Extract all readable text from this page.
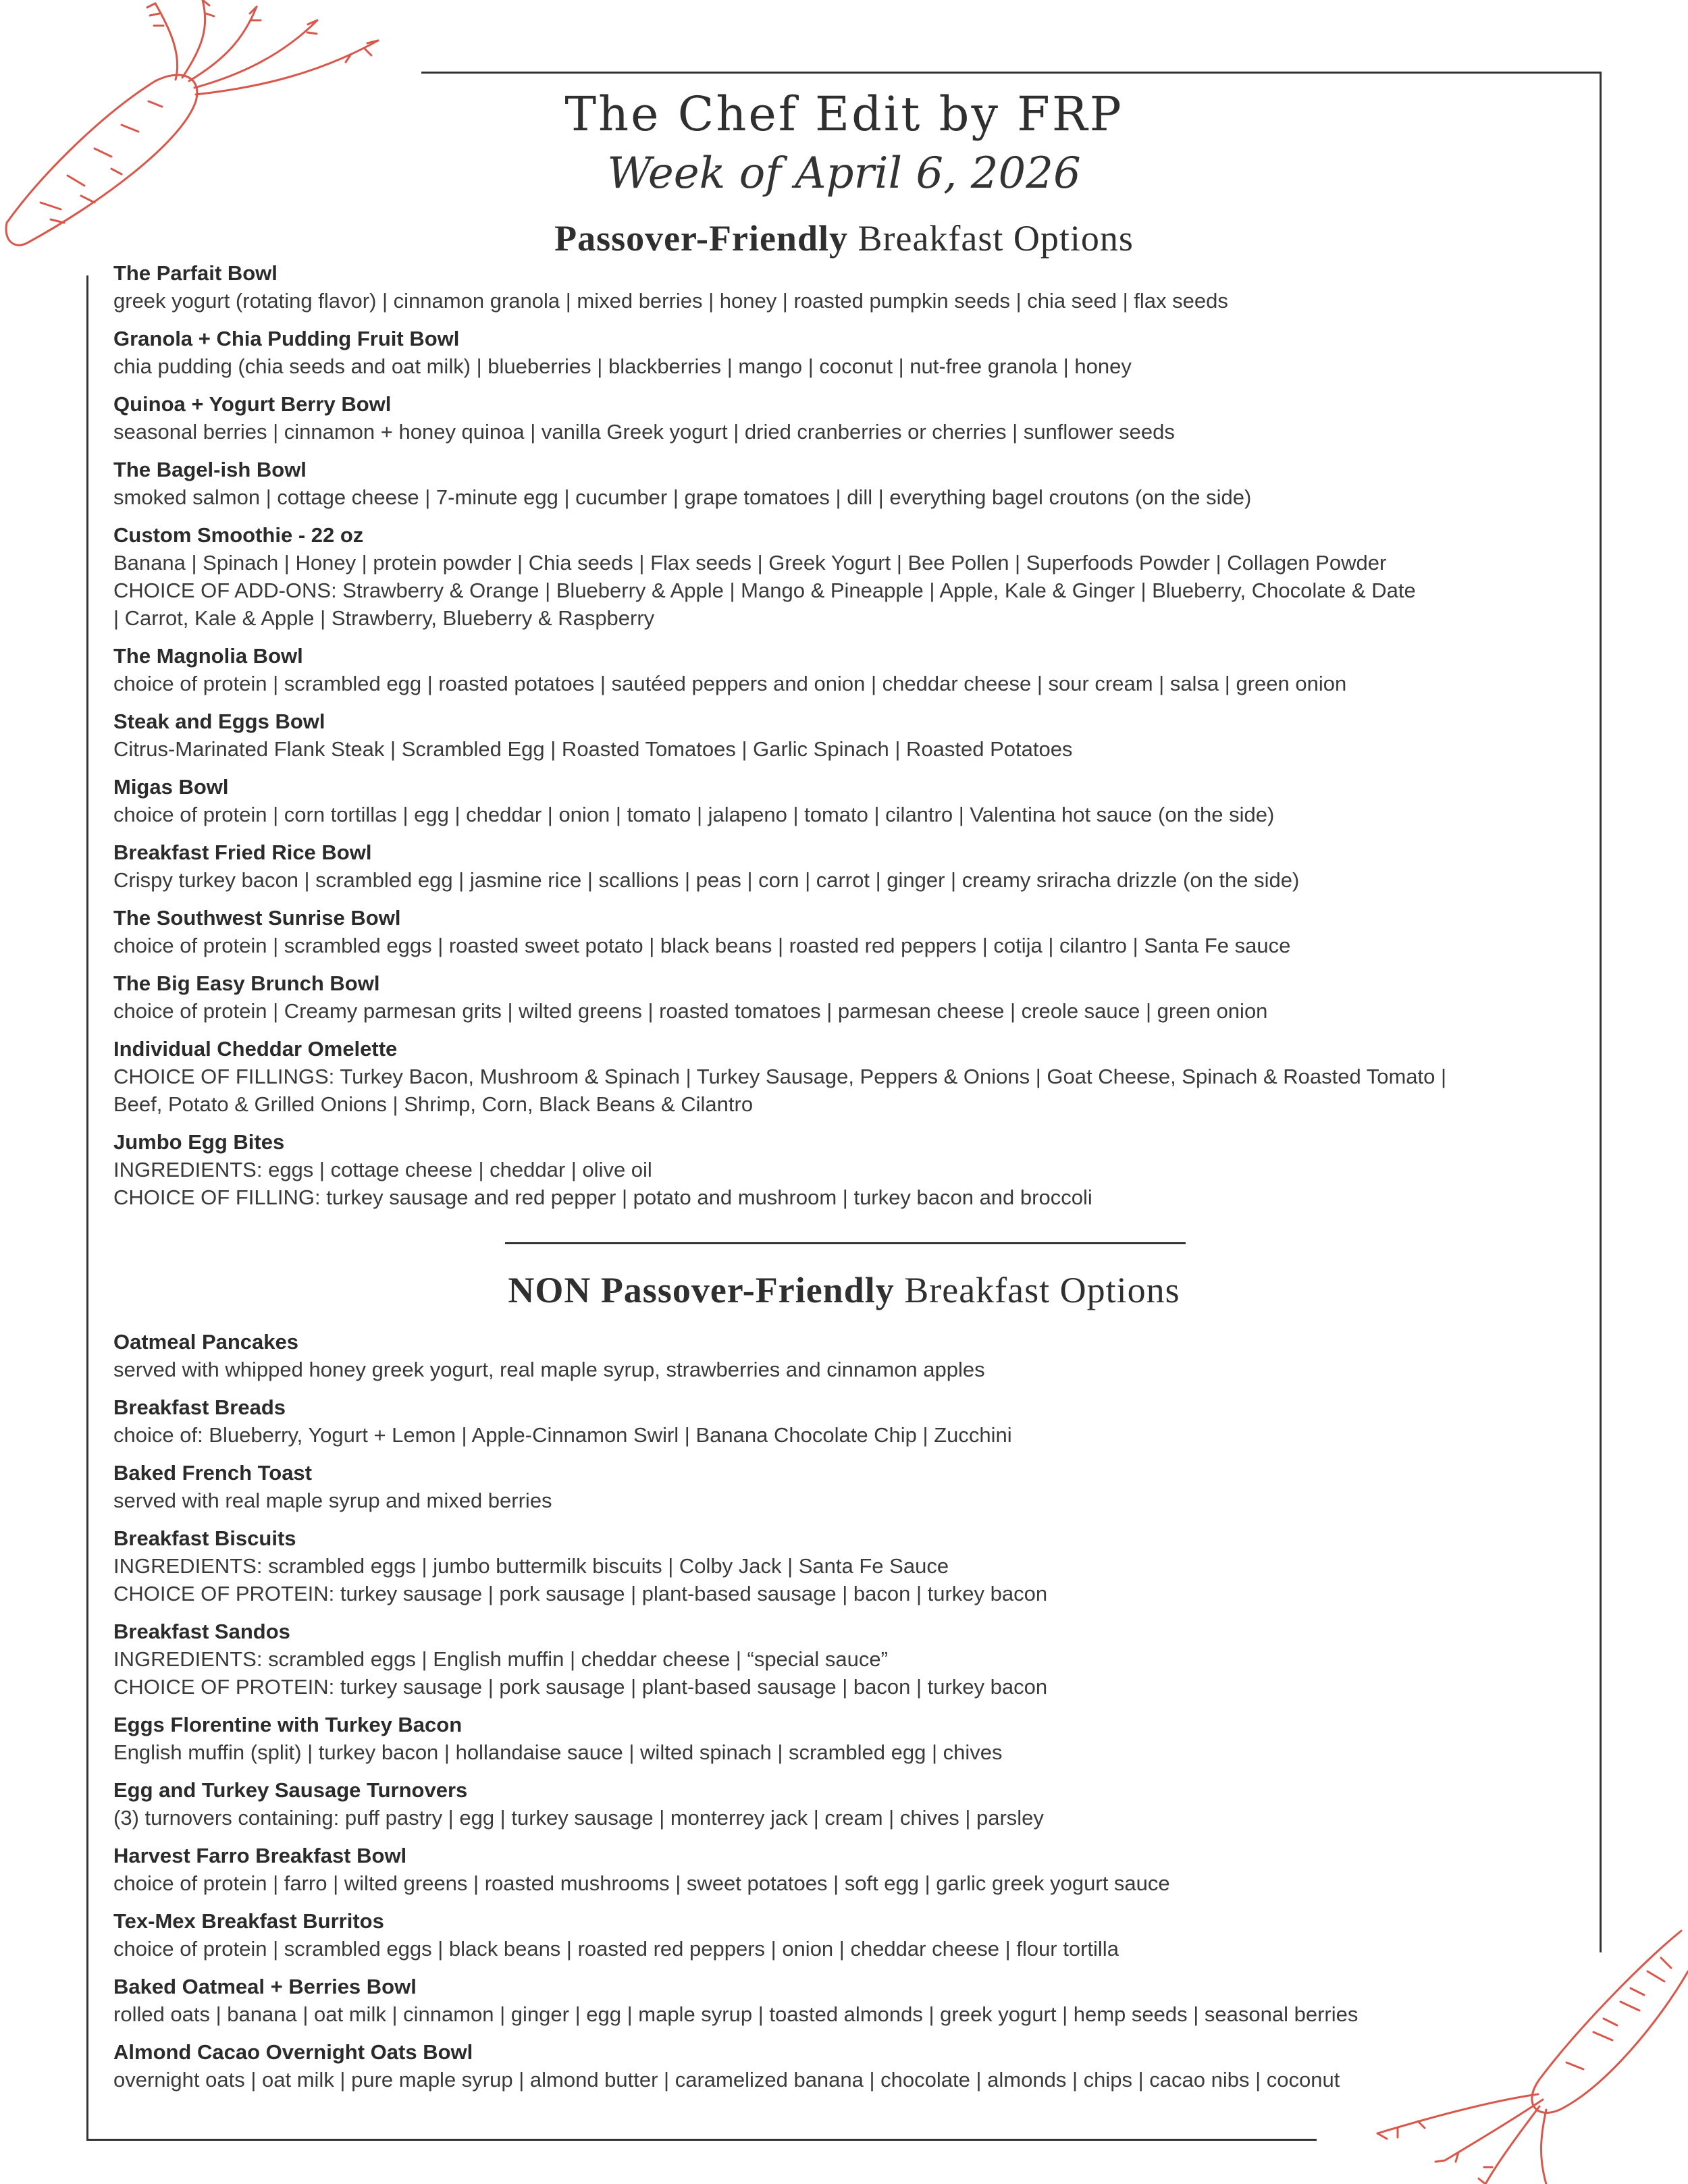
The Chef Edit by FRP
Week of April 6, 2026
Passover-Friendly Breakfast Options
The Parfait Bowl
greek yogurt (rotating flavor) | cinnamon granola | mixed berries | honey | roasted pumpkin seeds | chia seed | flax seeds
Granola + Chia Pudding Fruit Bowl
chia pudding (chia seeds and oat milk) | blueberries | blackberries | mango | coconut | nut-free granola | honey
Quinoa + Yogurt Berry Bowl
seasonal berries | cinnamon + honey quinoa | vanilla Greek yogurt | dried cranberries or cherries | sunflower seeds
The Bagel-ish Bowl
smoked salmon | cottage cheese | 7-minute egg | cucumber | grape tomatoes | dill | everything bagel croutons (on the side)
Custom Smoothie - 22 oz
Banana | Spinach | Honey | protein powder | Chia seeds | Flax seeds | Greek Yogurt | Bee Pollen | Superfoods Powder | Collagen Powder
CHOICE OF ADD-ONS: Strawberry & Orange | Blueberry & Apple | Mango & Pineapple | Apple, Kale & Ginger | Blueberry, Chocolate & Date
| Carrot, Kale & Apple | Strawberry, Blueberry & Raspberry
The Magnolia Bowl
choice of protein | scrambled egg | roasted potatoes | sautéed peppers and onion | cheddar cheese | sour cream | salsa | green onion
Steak and Eggs Bowl
Citrus-Marinated Flank Steak | Scrambled Egg | Roasted Tomatoes | Garlic Spinach | Roasted Potatoes
Migas Bowl
choice of protein | corn tortillas | egg | cheddar | onion | tomato | jalapeno | tomato | cilantro | Valentina hot sauce (on the side)
Breakfast Fried Rice Bowl
Crispy turkey bacon | scrambled egg | jasmine rice | scallions | peas | corn | carrot | ginger | creamy sriracha drizzle (on the side)
The Southwest Sunrise Bowl
choice of protein | scrambled eggs | roasted sweet potato | black beans | roasted red peppers | cotija | cilantro | Santa Fe sauce
The Big Easy Brunch Bowl
choice of protein | Creamy parmesan grits | wilted greens | roasted tomatoes | parmesan cheese | creole sauce | green onion
Individual Cheddar Omelette
CHOICE OF FILLINGS: Turkey Bacon, Mushroom & Spinach | Turkey Sausage, Peppers & Onions | Goat Cheese, Spinach & Roasted Tomato |
Beef, Potato & Grilled Onions | Shrimp, Corn, Black Beans & Cilantro
Jumbo Egg Bites
INGREDIENTS: eggs | cottage cheese | cheddar | olive oil
CHOICE OF FILLING: turkey sausage and red pepper | potato and mushroom | turkey bacon and broccoli
NON Passover-Friendly Breakfast Options
Oatmeal Pancakes
served with whipped honey greek yogurt, real maple syrup, strawberries and cinnamon apples
Breakfast Breads
choice of: Blueberry, Yogurt + Lemon | Apple-Cinnamon Swirl | Banana Chocolate Chip | Zucchini
Baked French Toast
served with real maple syrup and mixed berries
Breakfast Biscuits
INGREDIENTS: scrambled eggs | jumbo buttermilk biscuits | Colby Jack | Santa Fe Sauce
CHOICE OF PROTEIN: turkey sausage | pork sausage | plant-based sausage | bacon | turkey bacon
Breakfast Sandos
INGREDIENTS: scrambled eggs | English muffin | cheddar cheese | “special sauce”
CHOICE OF PROTEIN: turkey sausage | pork sausage | plant-based sausage | bacon | turkey bacon
Eggs Florentine with Turkey Bacon
English muffin (split) | turkey bacon | hollandaise sauce | wilted spinach | scrambled egg | chives
Egg and Turkey Sausage Turnovers
(3) turnovers containing: puff pastry | egg | turkey sausage | monterrey jack | cream | chives | parsley
Harvest Farro Breakfast Bowl
choice of protein | farro | wilted greens | roasted mushrooms | sweet potatoes | soft egg | garlic greek yogurt sauce
Tex-Mex Breakfast Burritos
choice of protein | scrambled eggs | black beans | roasted red peppers | onion | cheddar cheese | flour tortilla
Baked Oatmeal + Berries Bowl
rolled oats | banana | oat milk | cinnamon | ginger | egg | maple syrup | toasted almonds | greek yogurt | hemp seeds | seasonal berries
Almond Cacao Overnight Oats Bowl
overnight oats | oat milk | pure maple syrup | almond butter | caramelized banana | chocolate | almonds | chips | cacao nibs | coconut
